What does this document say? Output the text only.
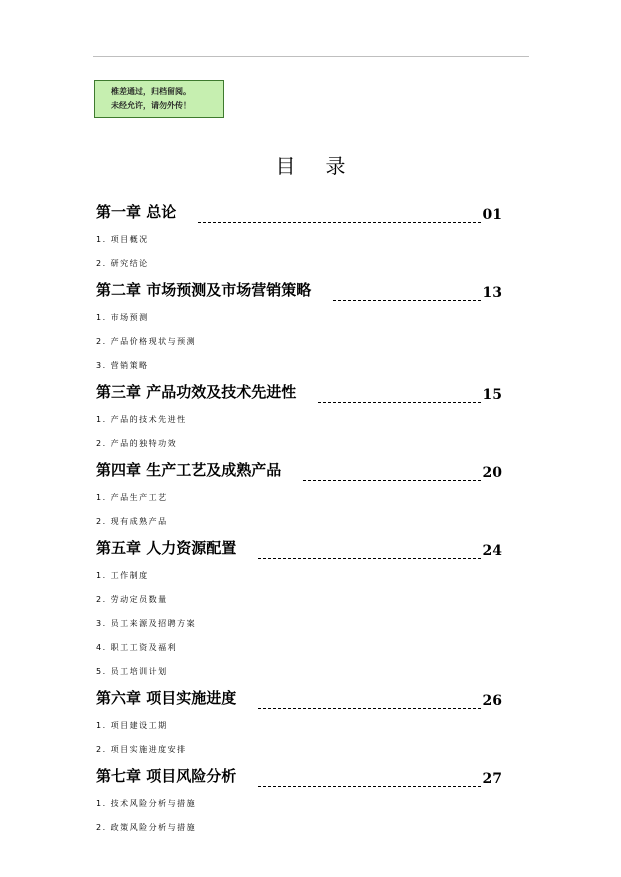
椎差通过，归档留阅。
未经允许，请勿外传！
目录
第一章 总论	01
1. 项目概况
2. 研究结论
第二章 市场预测及市场营销策略	13
1. 市场预测
2. 产品价格现状与预测
3. 营销策略
第三章 产品功效及技术先进性	15
1. 产品的技术先进性
2. 产品的独特功效
第四章 生产工艺及成熟产品	20
1. 产品生产工艺
2. 现有成熟产品
第五章 人力资源配置	24
1. 工作制度
2. 劳动定员数量
3. 员工来源及招聘方案
4. 职工工资及福利
5. 员工培训计划
第六章 项目实施进度	26
1. 项目建设工期
2. 项目实施进度安排
第七章 项目风险分析	27
1. 技术风险分析与措施
2. 政策风险分析与措施
